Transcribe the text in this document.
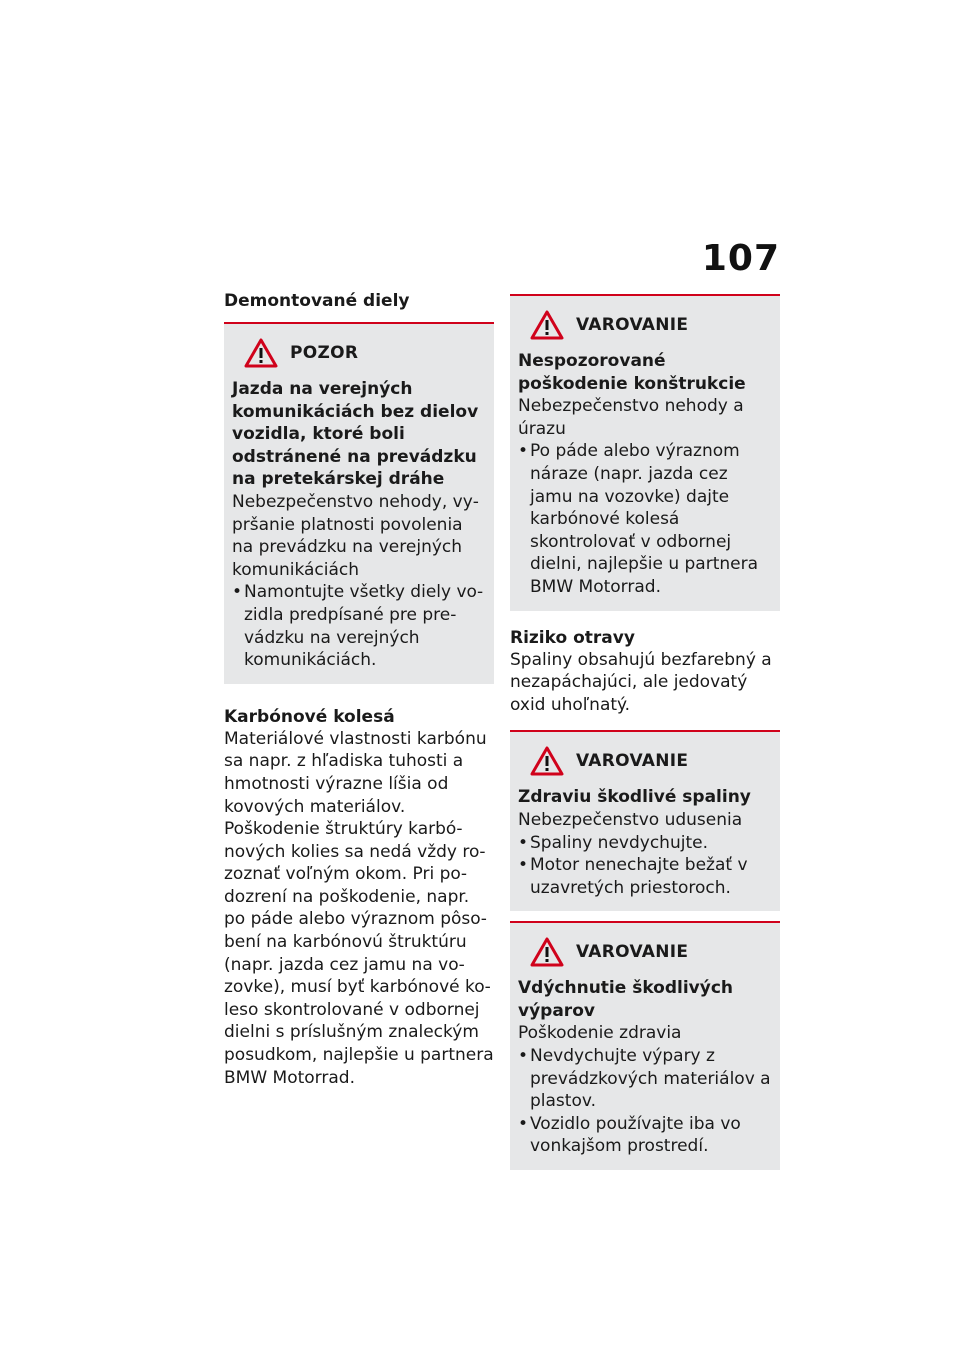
107
Demontované diely
POZOR

Jazda na verejných komunikáciách bez dielov vozidla, ktoré boli odstránené na prevádzku na pretekárskej dráhe

Nebezpečenstvo nehody, vypršanie platnosti povolenia na prevádzku na verejných komunikáciách

• Namontujte všetky diely vozidla predpísané pre prevádzku na verejných komunikáciách.
Karbónové kolesá

Materiálové vlastnosti karbónu sa napr. z hľadiska tuhosti a hmotnosti výrazne líšia od kovových materiálov. Poškodenie štruktúry karbónových kolies sa nedá vždy rozoznať voľným okom. Pri podozrení na poškodenie, napr. po páde alebo výraznom pôsobení na karbónovú štruktúru (napr. jazda cez jamu na vozovke), musí byť karbónové koleso skontrolované v odbornej dielni s príslušným znaleckým posudkom, najlepšie u partnera BMW Motorrad.

VAROVANIE

Nespozorované poškodenie konštrukcie

Nebezpečenstvo nehody a úrazu

• Po páde alebo výraznom náraze (napr. jazda cez jamu na vozovke) dajte karbónové kolesá skontrolovať v odbornej dielni, najlepšie u partnera BMW Motorrad.
Riziko otravy

Spaliny obsahujú bezfarebný a nezapáchajúci, ale jedovatý oxid uhoľnatý.

VAROVANIE

Zdraviu škodlivé spaliny

Nebezpečenstvo udusenia

• Spaliny nevdychujte.
• Motor nenechajte bežať v uzavretých priestoroch.
VAROVANIE

Vdýchnutie škodlivých výparov

Poškodenie zdravia

• Nevdychujte výpary z prevádzkových materiálov a plastov.
• Vozidlo používajte iba vo vonkajšom prostredí.
